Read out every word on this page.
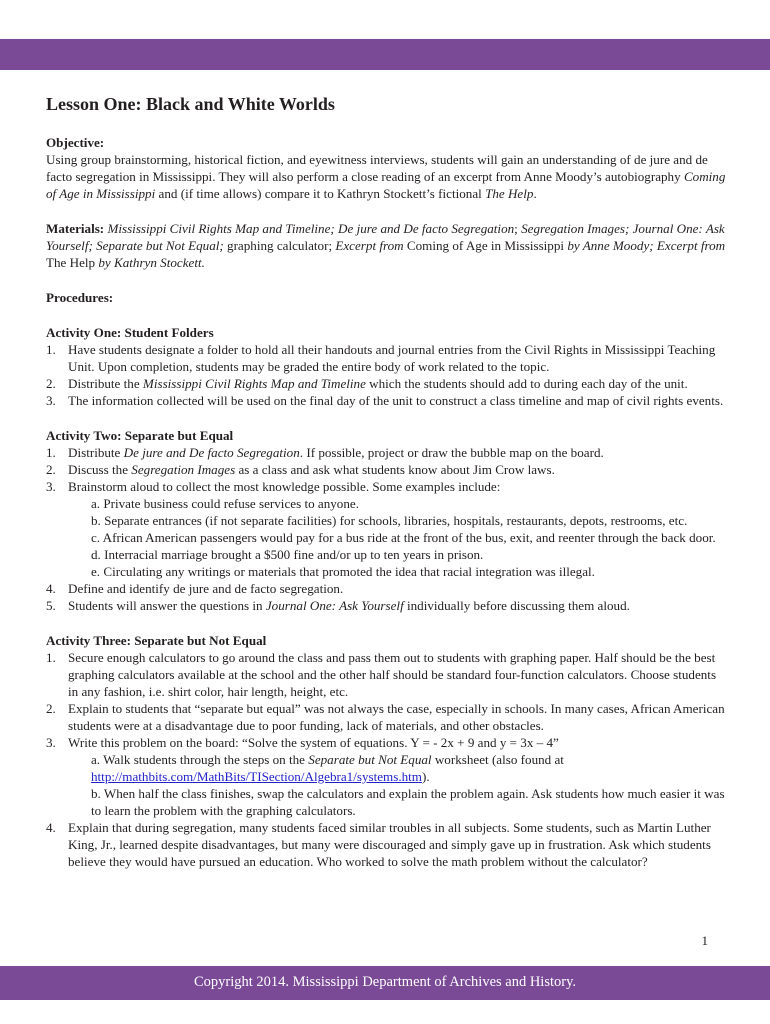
Lesson One: Black and White Worlds

Objective:

Using group brainstorming, historical fiction, and eyewitness interviews, students will gain an understanding of de jure and de facto segregation in Mississippi. They will also perform a close reading of an excerpt from Anne Moody’s autobiography Coming of Age in Mississippi and (if time allows) compare it to Kathryn Stockett’s fictional The Help.

Materials: Mississippi Civil Rights Map and Timeline; De jure and De facto Segregation; Segregation Images; Journal One: Ask Yourself; Separate but Not Equal; graphing calculator; Excerpt from Coming of Age in Mississippi by Anne Moody; Excerpt from The Help by Kathryn Stockett.

Procedures:

Activity One: Student Folders

1. Have students designate a folder to hold all their handouts and journal entries from the Civil Rights in Mississippi Teaching Unit. Upon completion, students may be graded the entire body of work related to the topic.
2. Distribute the Mississippi Civil Rights Map and Timeline which the students should add to during each day of the unit.
3. The information collected will be used on the final day of the unit to construct a class timeline and map of civil rights events.

Activity Two: Separate but Equal

1. Distribute De jure and De facto Segregation. If possible, project or draw the bubble map on the board.
2. Discuss the Segregation Images as a class and ask what students know about Jim Crow laws.
3. Brainstorm aloud to collect the most knowledge possible. Some examples include:
a. Private business could refuse services to anyone.
b. Separate entrances (if not separate facilities) for schools, libraries, hospitals, restaurants, depots, restrooms, etc.
c. African American passengers would pay for a bus ride at the front of the bus, exit, and reenter through the back door.
d. Interracial marriage brought a $500 fine and/or up to ten years in prison.
e. Circulating any writings or materials that promoted the idea that racial integration was illegal.
4. Define and identify de jure and de facto segregation.
5. Students will answer the questions in Journal One: Ask Yourself individually before discussing them aloud.

Activity Three: Separate but Not Equal

1. Secure enough calculators to go around the class and pass them out to students with graphing paper. Half should be the best graphing calculators available at the school and the other half should be standard four-function calculators. Choose students in any fashion, i.e. shirt color, hair length, height, etc.
2. Explain to students that “separate but equal” was not always the case, especially in schools. In many cases, African American students were at a disadvantage due to poor funding, lack of materials, and other obstacles.
3. Write this problem on the board: “Solve the system of equations. Y = - 2x + 9 and y = 3x – 4”
a. Walk students through the steps on the Separate but Not Equal worksheet (also found at http://mathbits.com/MathBits/TISection/Algebra1/systems.htm).
b. When half the class finishes, swap the calculators and explain the problem again. Ask students how much easier it was to learn the problem with the graphing calculators.
4. Explain that during segregation, many students faced similar troubles in all subjects. Some students, such as Martin Luther King, Jr., learned despite disadvantages, but many were discouraged and simply gave up in frustration. Ask which students believe they would have pursued an education. Who worked to solve the math problem without the calculator?
1
Copyright 2014. Mississippi Department of Archives and History.
